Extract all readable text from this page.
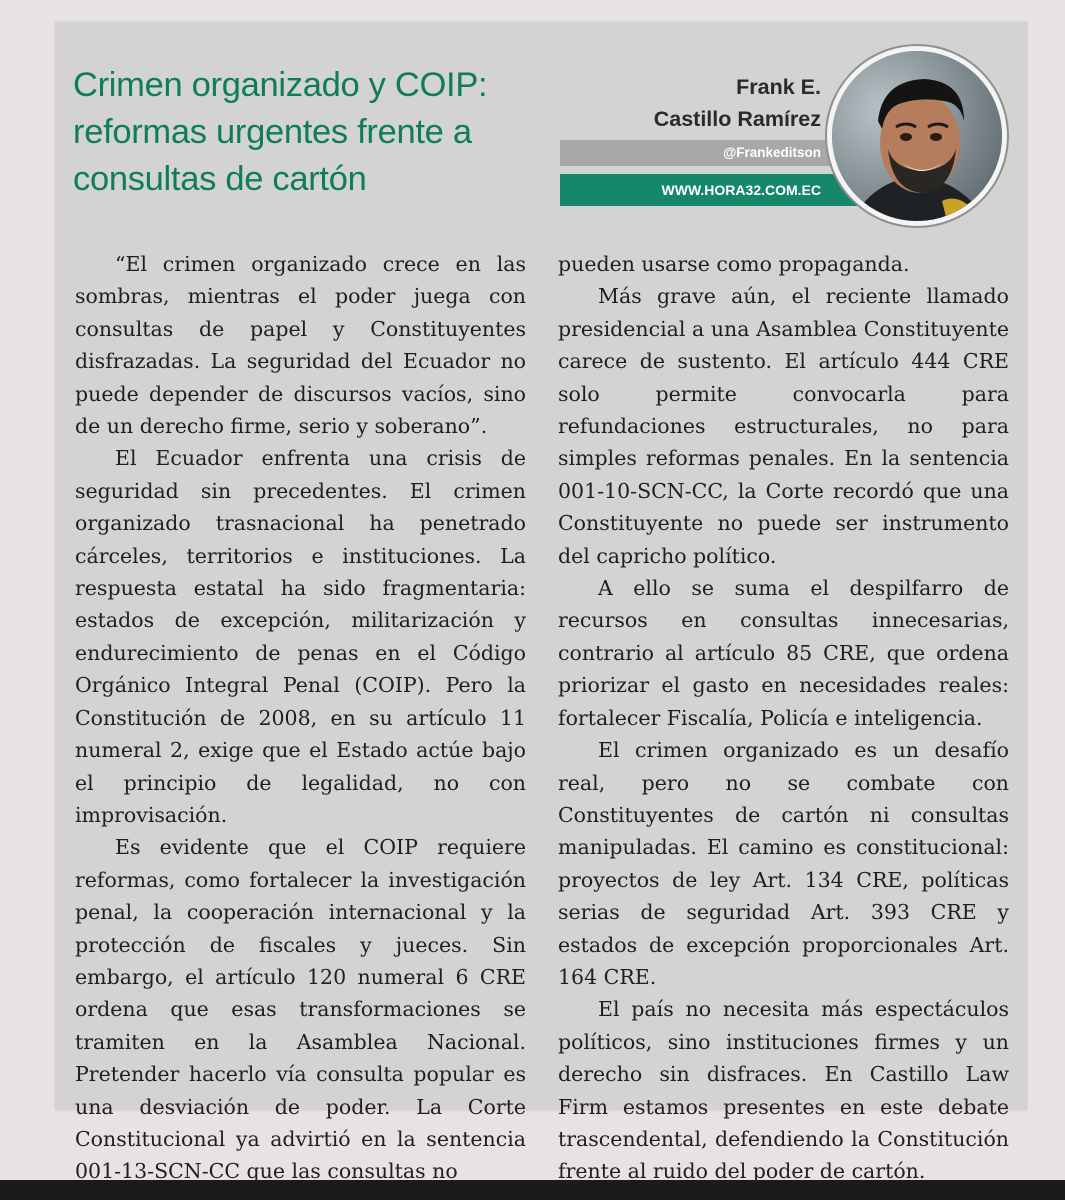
Crimen organizado y COIP: reformas urgentes frente a consultas de cartón
Frank E.
Castillo Ramírez
@Frankeditson
WWW.HORA32.COM.EC

“El crimen organizado crece en las sombras, mientras el poder juega con consultas de papel y Constituyentes disfrazadas. La seguridad del Ecuador no puede depender de discursos vacíos, sino de un derecho firme, serio y soberano”.

El Ecuador enfrenta una crisis de seguridad sin precedentes. El crimen organizado trasnacional ha penetrado cárceles, territorios e instituciones. La respuesta estatal ha sido fragmentaria: estados de excepción, militarización y endurecimiento de penas en el Código Orgánico Integral Penal (COIP). Pero la Constitución de 2008, en su artículo 11 numeral 2, exige que el Estado actúe bajo el principio de legalidad, no con improvisación.

Es evidente que el COIP requiere reformas, como fortalecer la investigación penal, la cooperación internacional y la protección de fiscales y jueces. Sin embargo, el artículo 120 numeral 6 CRE ordena que esas transformaciones se tramiten en la Asamblea Nacional. Pretender hacerlo vía consulta popular es una desviación de poder. La Corte Constitucional ya advirtió en la sentencia 001-13-SCN-CC que las consultas no

pueden usarse como propaganda.

Más grave aún, el reciente llamado presidencial a una Asamblea Constituyente carece de sustento. El artículo 444 CRE solo permite convocarla para refundaciones estructurales, no para simples reformas penales. En la sentencia 001-10-SCN-CC, la Corte recordó que una Constituyente no puede ser instrumento del capricho político.

A ello se suma el despilfarro de recursos en consultas innecesarias, contrario al artículo 85 CRE, que ordena priorizar el gasto en necesidades reales: fortalecer Fiscalía, Policía e inteligencia.

El crimen organizado es un desafío real, pero no se combate con Constituyentes de cartón ni consultas manipuladas. El camino es constitucional: proyectos de ley Art. 134 CRE, políticas serias de seguridad Art. 393 CRE y estados de excepción proporcionales Art. 164 CRE.

El país no necesita más espectáculos políticos, sino instituciones firmes y un derecho sin disfraces. En Castillo Law Firm estamos presentes en este debate trascendental, defendiendo la Constitución frente al ruido del poder de cartón.
